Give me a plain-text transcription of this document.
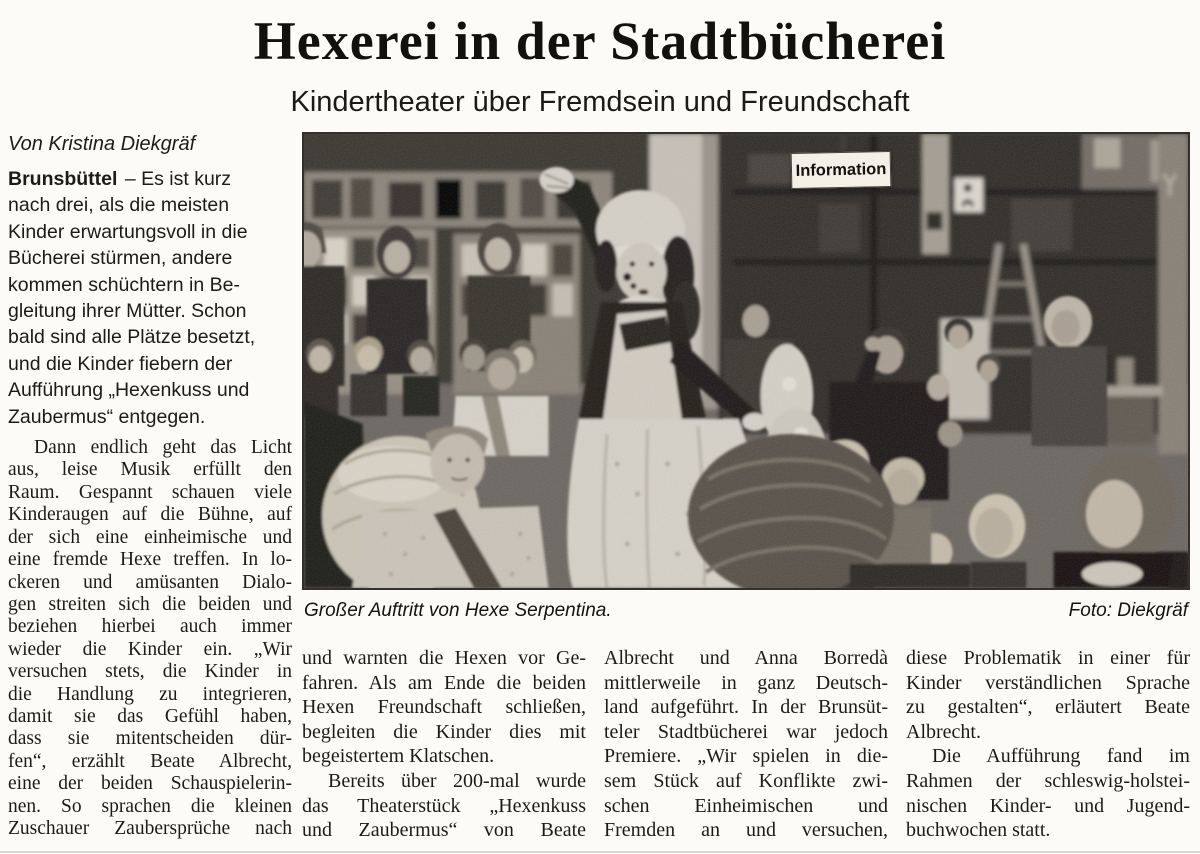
Hexerei in der Stadtbücherei
Kindertheater über Fremdsein und Freundschaft
Von Kristina Diekgräf
Brunsbüttel – Es ist kurz
nach drei, als die meisten
Kinder erwartungsvoll in die
Bücherei stürmen, andere
kommen schüchtern in Be-
gleitung ihrer Mütter. Schon
bald sind alle Plätze besetzt,
und die Kinder fiebern der
Aufführung „Hexenkuss und
Zaubermus“ entgegen.
Dann endlich geht das Licht
aus, leise Musik erfüllt den
Raum. Gespannt schauen viele
Kinderaugen auf die Bühne, auf
der sich eine einheimische und
eine fremde Hexe treffen. In lo-
ckeren und amüsanten Dialo-
gen streiten sich die beiden und
beziehen hierbei auch immer
wieder die Kinder ein. „Wir
versuchen stets, die Kinder in
die Handlung zu integrieren,
damit sie das Gefühl haben,
dass sie mitentscheiden dür-
fen“, erzählt Beate Albrecht,
eine der beiden Schauspielerin-
nen. So sprachen die kleinen
Zuschauer Zaubersprüche nach
Information
Großer Auftritt von Hexe Serpentina.	Foto: Diekgräf
und warnten die Hexen vor Ge-
fahren. Als am Ende die beiden
Hexen Freundschaft schließen,
begleiten die Kinder dies mit
begeistertem Klatschen.
Bereits über 200-mal wurde
das Theaterstück „Hexenkuss
und Zaubermus“ von Beate
Albrecht und Anna Borredà
mittlerweile in ganz Deutsch-
land aufgeführt. In der Brunsüt-
teler Stadtbücherei war jedoch
Premiere. „Wir spielen in die-
sem Stück auf Konflikte zwi-
schen Einheimischen und
Fremden an und versuchen,
diese Problematik in einer für
Kinder verständlichen Sprache
zu gestalten“, erläutert Beate
Albrecht.
Die Aufführung fand im
Rahmen der schleswig-holstei-
nischen Kinder- und Jugend-
buchwochen statt.
